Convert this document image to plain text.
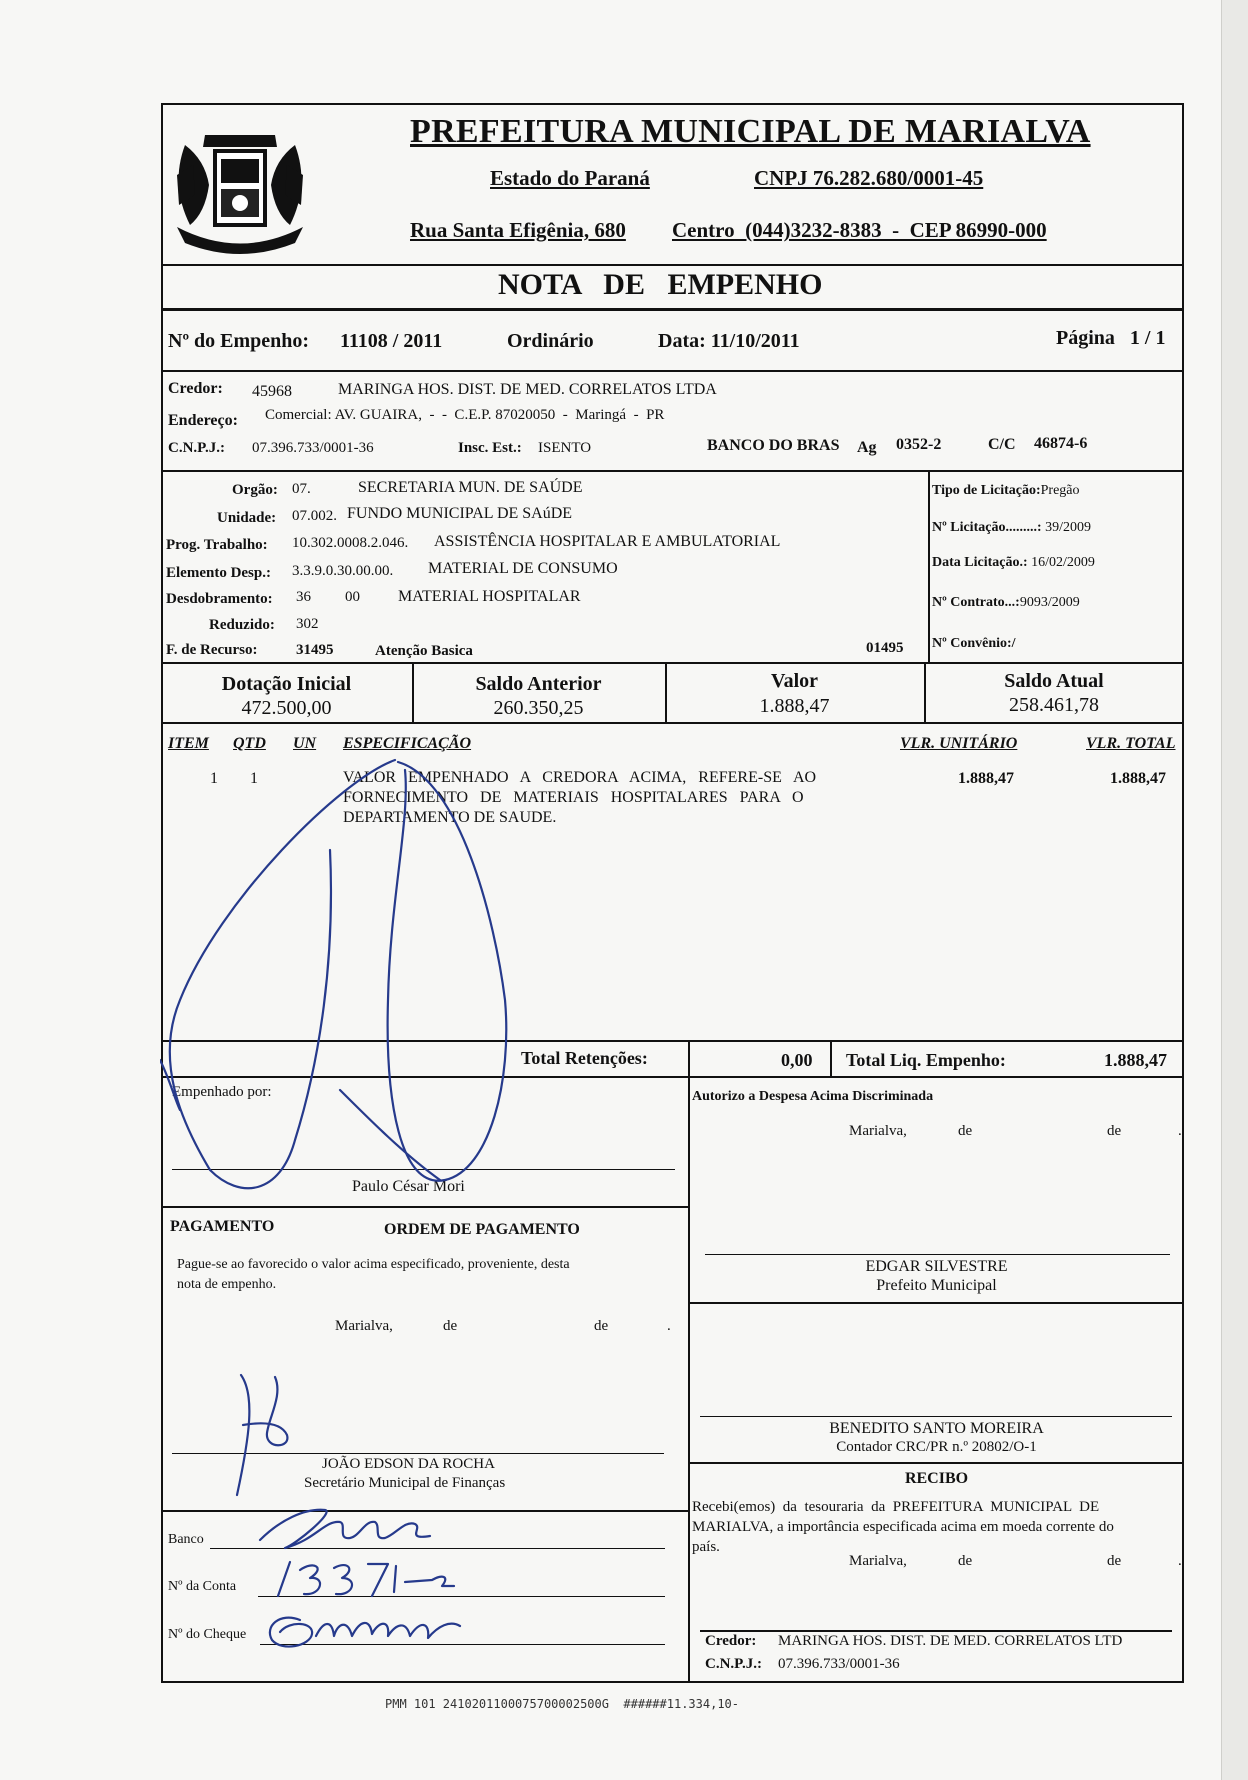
PREFEITURA MUNICIPAL DE MARIALVA
Estado do Paraná	CNPJ 76.282.680/0001-45
Rua Santa Efigênia, 680 Centro  (044)3232-8383  -  CEP 86990-000
NOTA   DE   EMPENHO
Nº do Empenho: 11108 / 2011	Ordinário	Data: 11/10/2011	Página   1 / 1
Credor: 45968	MARINGA HOS. DIST. DE MED. CORRELATOS LTDA
Endereço: Comercial: AV. GUAIRA,  -  -  C.E.P. 87020050  -  Maringá  -  PR
C.N.P.J.: 07.396.733/0001-36	Insc. Est.: ISENTO	BANCO DO BRAS Ag 0352-2	C/C 46874-6
Orgão: 07.	SECRETARIA MUN. DE SAÚDE
Unidade: 07.002. FUNDO MUNICIPAL DE SAúDE
Prog. Trabalho: 10.302.0008.2.046. ASSISTÊNCIA HOSPITALAR E AMBULATORIAL
Elemento Desp.: 3.3.9.0.30.00.00. MATERIAL DE CONSUMO
Desdobramento: 36 00 MATERIAL HOSPITALAR
Reduzido: 302
F. de Recurso:	31495	Atenção Basica	01495
Tipo de Licitação:Pregão
Nº Licitação.........: 39/2009
Data Licitação.: 16/02/2009
Nº Contrato...:9093/2009
Nº Convênio:/
Dotação Inicial
472.500,00
Saldo Anterior
260.350,25
Valor
1.888,47
Saldo Atual
258.461,78
ITEM QTD UN ESPECIFICAÇÃO	VLR. UNITÁRIO	VLR. TOTAL
1 1	VALOR   EMPENHADO   A   CREDORA   ACIMA,   REFERE-SE   AO
FORNECIMENTO   DE   MATERIAIS   HOSPITALARES   PARA   O
DEPARTAMENTO DE SAUDE.
1.888,47	1.888,47
Total Retenções:	0,00 Total Liq. Empenho:	1.888,47
Empenhado por:
Paulo César Mori
PAGAMENTO	ORDEM DE PAGAMENTO
Pague-se ao favorecido o valor acima especificado, proveniente, desta
nota de empenho.
Marialva,	de	de	.
JOÃO EDSON DA ROCHA
Secretário Municipal de Finanças
Banco
Nº da Conta
Nº do Cheque
Autorizo a Despesa Acima Discriminada
Marialva,	de	de	.
EDGAR SILVESTRE
Prefeito Municipal
BENEDITO SANTO MOREIRA
Contador CRC/PR n.º 20802/O-1
RECIBO
Recebi(emos)  da  tesouraria  da  PREFEITURA  MUNICIPAL  DE
MARIALVA, a importância especificada acima em moeda corrente do
país.
Marialva,	de	de	.
Credor: MARINGA HOS. DIST. DE MED. CORRELATOS LTD
C.N.P.J.: 07.396.733/0001-36
PMM 101 2410201100075700002500G  ######11.334,10-
